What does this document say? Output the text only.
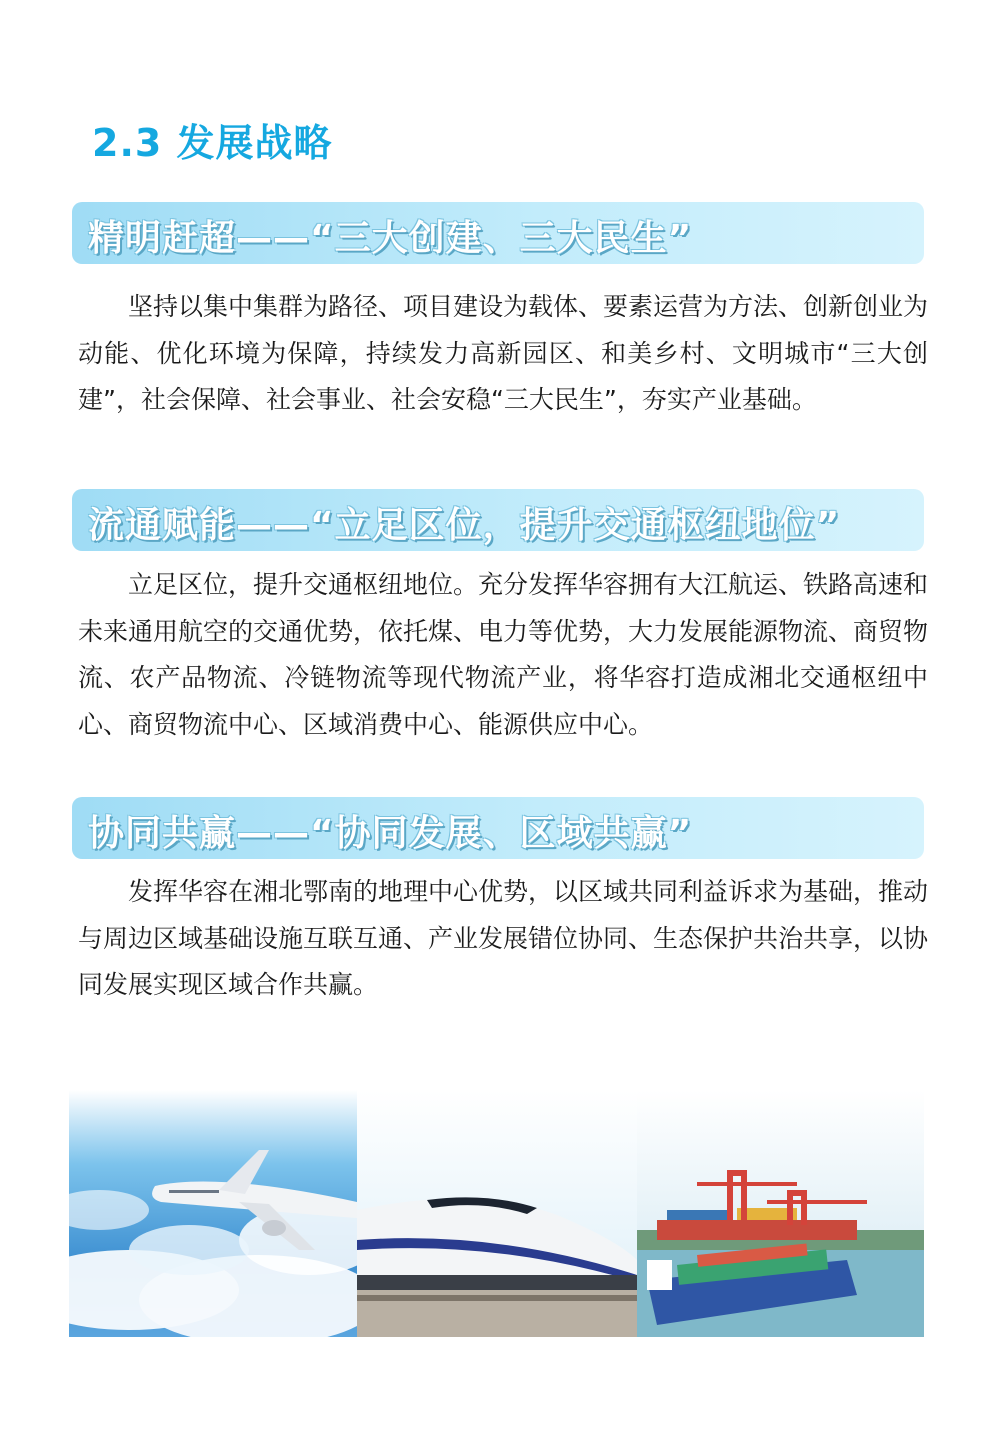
2.3 发展战略

精明赶超——“三大创建、三大民生”

坚持以集中集群为路径、项目建设为载体、要素运营为方法、创新创业为动能、优化环境为保障，持续发力高新园区、和美乡村、文明城市“三大创建”，社会保障、社会事业、社会安稳“三大民生”，夯实产业基础。

流通赋能——“立足区位，提升交通枢纽地位”

立足区位，提升交通枢纽地位。充分发挥华容拥有大江航运、铁路高速和未来通用航空的交通优势，依托煤、电力等优势，大力发展能源物流、商贸物流、农产品物流、冷链物流等现代物流产业，将华容打造成湘北交通枢纽中心、商贸物流中心、区域消费中心、能源供应中心。

协同共赢——“协同发展、区域共赢”

发挥华容在湘北鄂南的地理中心优势，以区域共同利益诉求为基础，推动与周边区域基础设施互联互通、产业发展错位协同、生态保护共治共享，以协同发展实现区域合作共赢。
